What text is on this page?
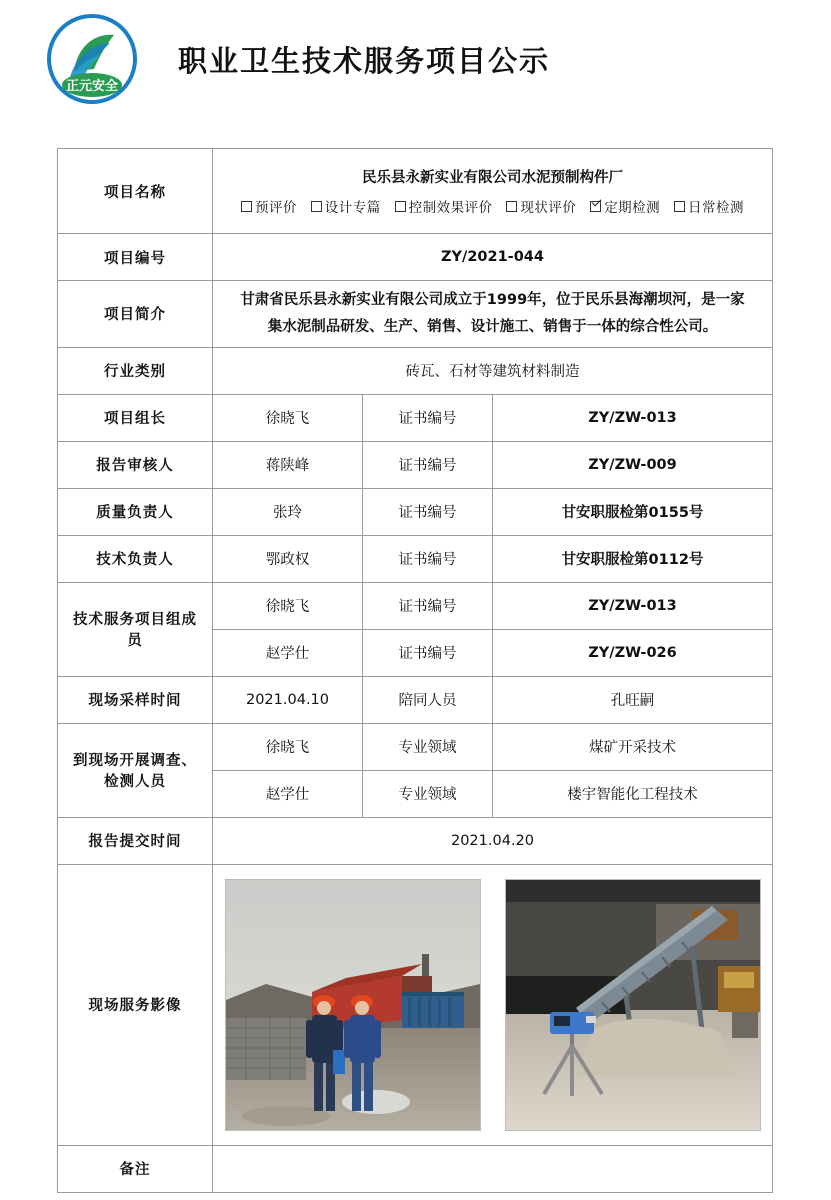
正元安全
职业卫生技术服务项目公示
项目名称	民乐县永新实业有限公司水泥预制构件厂
预评价 设计专篇 控制效果评价 现状评价 定期检测 日常检测		

项目编号	ZY/2021-044		
项目简介	甘肃省民乐县永新实业有限公司成立于1999年，位于民乐县海潮坝河，是一家

集水泥制品研发、生产、销售、设计施工、销售于一体的综合性公司。		

行业类别	砖瓦、石材等建筑材料制造		
项目组长	徐晓飞	证书编号	ZY/ZW-013
报告审核人	蒋陕峰	证书编号	ZY/ZW-009
质量负责人	张玲	证书编号	甘安职服检第0155号
技术负责人	鄂政权	证书编号	甘安职服检第0112号
技术服务项目组成员	徐晓飞	证书编号	ZY/ZW-013
	赵学仕	证书编号	ZY/ZW-026
现场采样时间	2021.04.10	陪同人员	孔旺嗣
到现场开展调查、检测人员	徐晓飞	专业领域	煤矿开采技术
	赵学仕	专业领域	楼宇智能化工程技术
报告提交时间	2021.04.20		
现场服务影像	

备注			
